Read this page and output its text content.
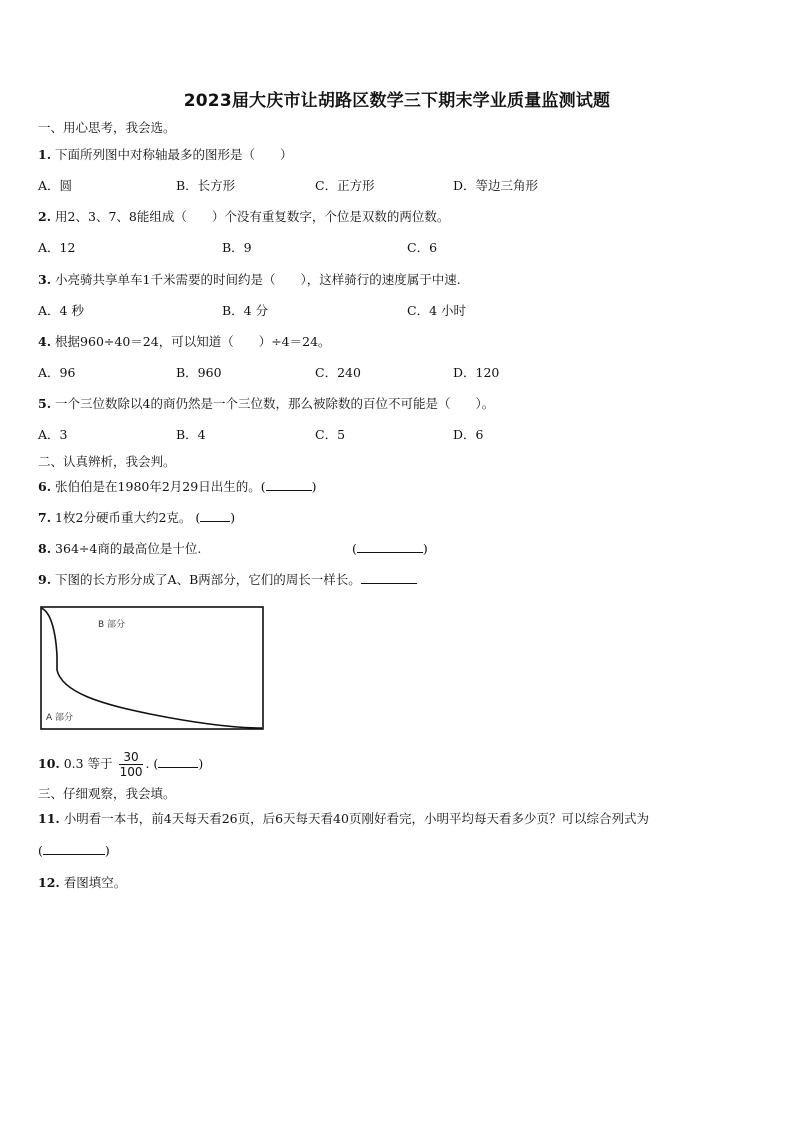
2023届大庆市让胡路区数学三下期末学业质量监测试题
一、用心思考，我会选。
1. 下面所列图中对称轴最多的图形是（　　）
A．圆	B．长方形	C．正方形	D．等边三角形
2. 用2、3、7、8能组成（　　）个没有重复数字，个位是双数的两位数。
A．12	B．9	C．6
3. 小亮骑共享单车1千米需要的时间约是（　　），这样骑行的速度属于中速.
A．4 秒	B．4 分	C．4 小时
4. 根据960÷40＝24，可以知道（　　）÷4＝24。
A．96	B．960	C．240	D．120
5. 一个三位数除以4的商仍然是一个三位数，那么被除数的百位不可能是（　　）。
A．3	B．4	C．5	D．6
二、认真辨析，我会判。
6. 张伯伯是在1980年2月29日出生的。(	)
7. 1枚2分硬币重大约2克。 ( )
8. 364÷4商的最高位是十位.	(	)
9. 下图的长方形分成了A、B两部分，它们的周长一样长。
B 部分
A 部分
10. 0.3 等于 $\frac{30}{100}$ . (	)
三、仔细观察，我会填。
11. 小明看一本书，前4天每天看26页，后6天每天看40页刚好看完，小明平均每天看多少页？可以综合列式为
(	)
12. 看图填空。
